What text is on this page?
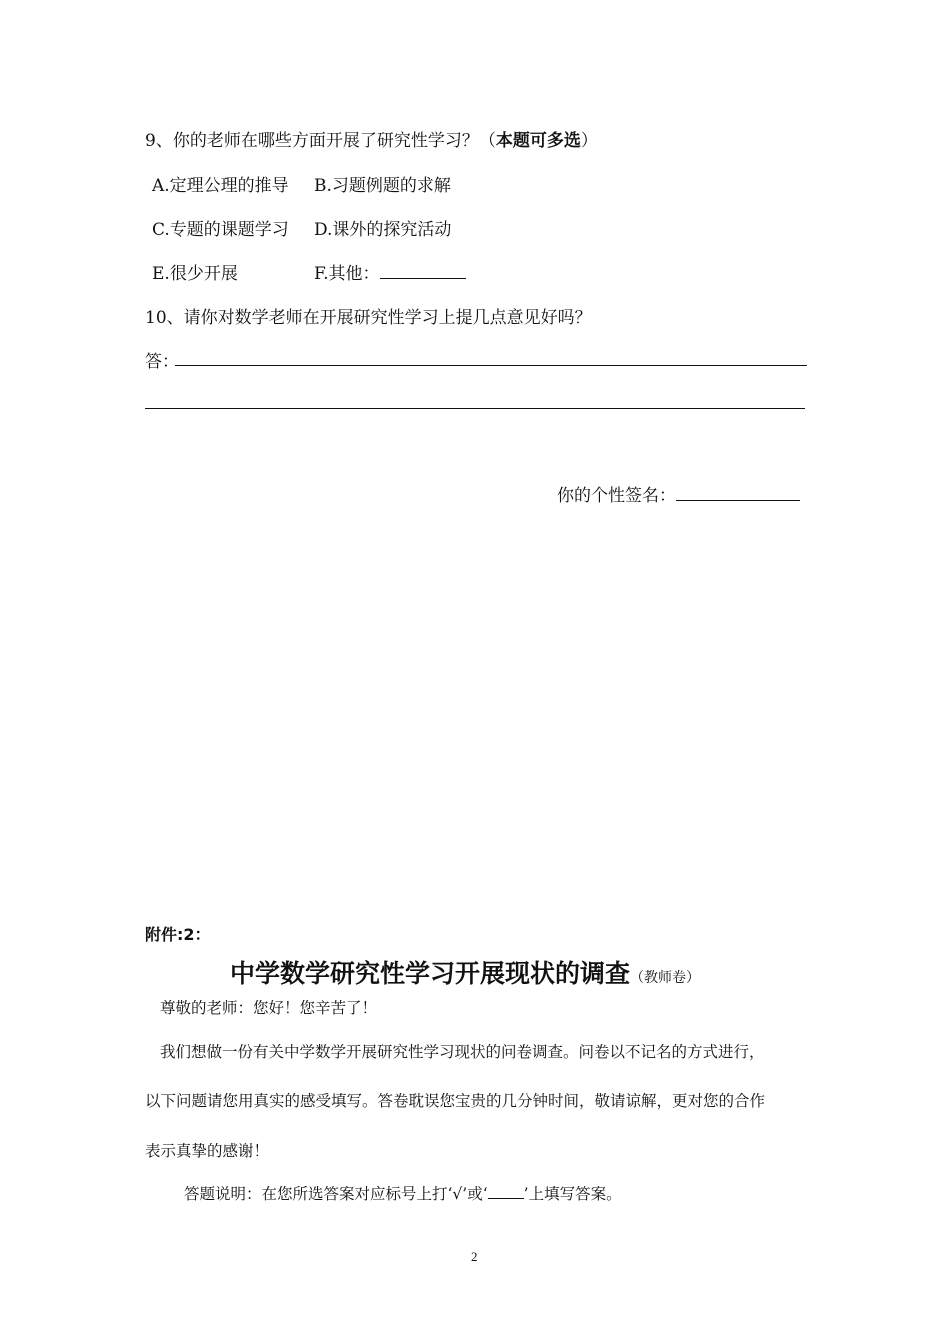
9、你的老师在哪些方面开展了研究性学习？（本题可多选）
A.定理公理的推导 B.习题例题的求解
C.专题的课题学习 D.课外的探究活动
E.很少开展	F.其他：
10、请你对数学老师在开展研究性学习上提几点意见好吗？
答：
你的个性签名：
附件:2：
中学数学研究性学习开展现状的调查（教师卷）
尊敬的老师：您好！您辛苦了！
我们想做一份有关中学数学开展研究性学习现状的问卷调查。问卷以不记名的方式进行，
以下问题请您用真实的感受填写。答卷耽误您宝贵的几分钟时间，敬请谅解，更对您的合作
表示真挚的感谢！
答题说明：在您所选答案对应标号上打‘√’或‘ ’上填写答案。
2
